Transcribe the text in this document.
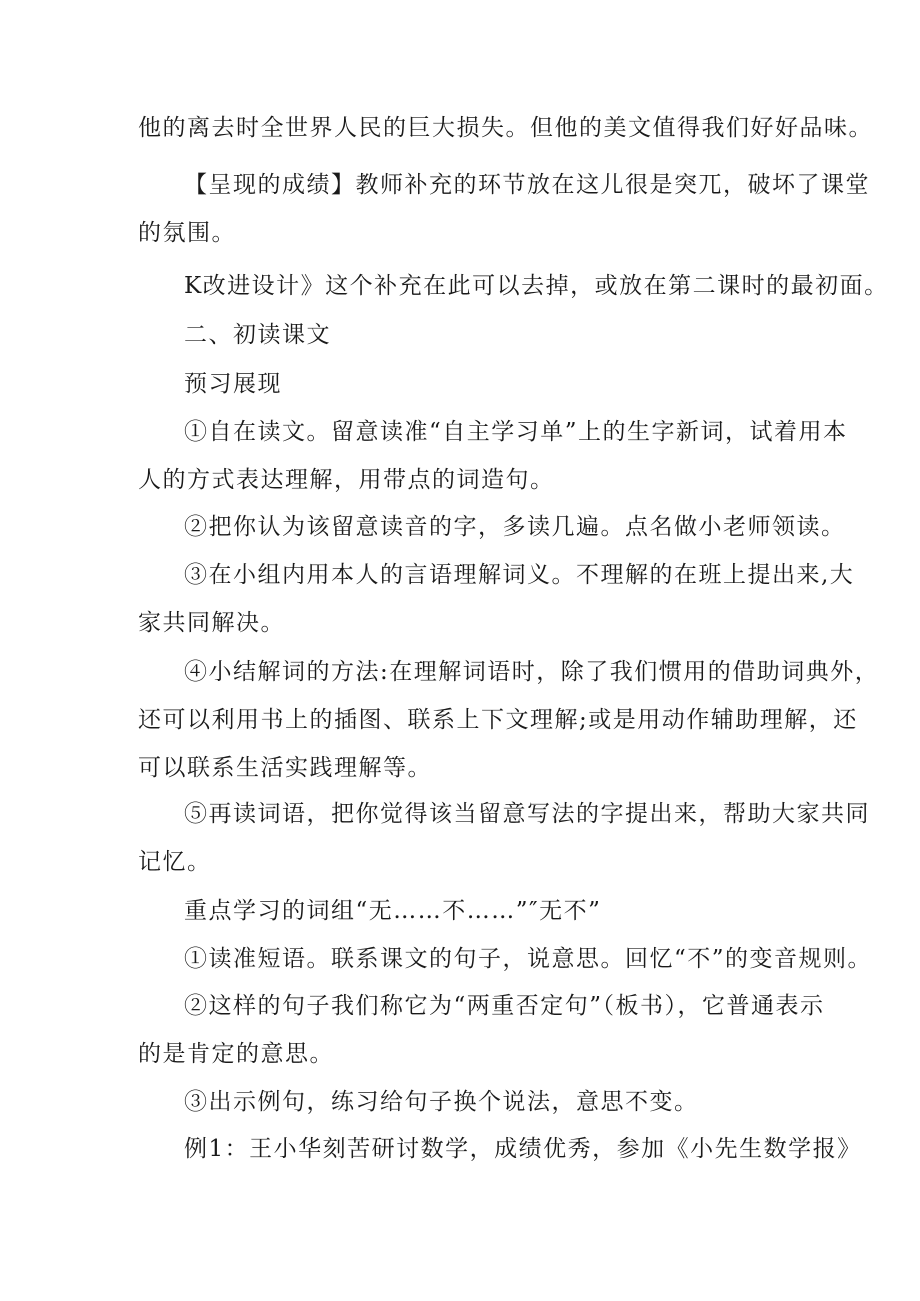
他的离去时全世界人民的巨大损失。但他的美文值得我们好好品味。
【呈现的成绩】教师补充的环节放在这儿很是突兀，破坏了课堂
的氛围。
K改进设计》这个补充在此可以去掉，或放在第二课时的最初面。
二、初读课文
预习展现
①自在读文。留意读准“自主学习单”上的生字新词，试着用本
人的方式表达理解，用带点的词造句。
②把你认为该留意读音的字，多读几遍。点名做小老师领读。
③在小组内用本人的言语理解词义。不理解的在班上提出来,大
家共同解决。
④小结解词的方法:在理解词语时，除了我们惯用的借助词典外，
还可以利用书上的插图、联系上下文理解;或是用动作辅助理解，还
可以联系生活实践理解等。
⑤再读词语，把你觉得该当留意写法的字提出来，帮助大家共同
记忆。
重点学习的词组“无……不……”″无不”
①读准短语。联系课文的句子，说意思。回忆“不”的变音规则。
②这样的句子我们称它为“两重否定句”（板书），它普通表示
的是肯定的意思。
③出示例句，练习给句子换个说法，意思不变。
例1：王小华刻苦研讨数学，成绩优秀，参加《小先生数学报》
